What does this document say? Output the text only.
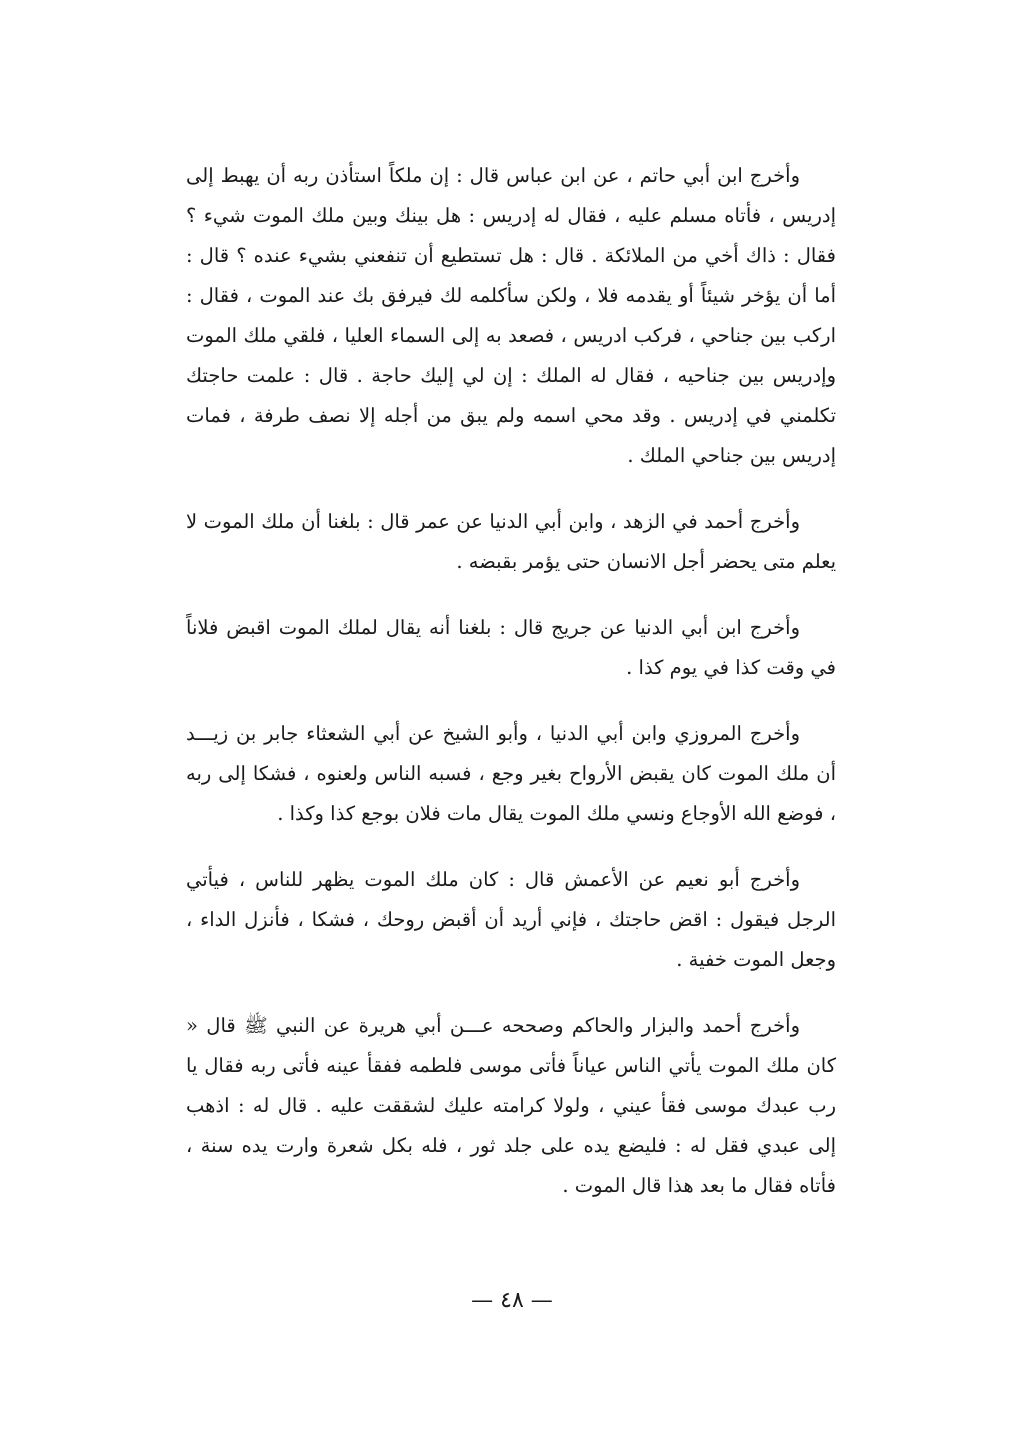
وأخرج ابن أبي حاتم ، عن ابن عباس قال : إن ملكاً استأذن ربه أن يهبط إلى إدريس ، فأتاه مسلم عليه ، فقال له إدريس : هل بينك وبين ملك الموت شيء ؟ فقال : ذاك أخي من الملائكة . قال : هل تستطيع أن تنفعني بشيء عنده ؟ قال : أما أن يؤخر شيئاً أو يقدمه فلا ، ولكن سأكلمه لك فيرفق بك عند الموت ، فقال : اركب بين جناحي ، فركب ادريس ، فصعد به إلى السماء العليا ، فلقي ملك الموت وإدريس بين جناحيه ، فقال له الملك : إن لي إليك حاجة . قال : علمت حاجتك تكلمني في إدريس . وقد محي اسمه ولم يبق من أجله إلا نصف طرفة ، فمات إدريس بين جناحي الملك .

وأخرج أحمد في الزهد ، وابن أبي الدنيا عن عمر قال : بلغنا أن ملك الموت لا يعلم متى يحضر أجل الانسان حتى يؤمر بقبضه .

وأخرج ابن أبي الدنيا عن جريج قال : بلغنا أنه يقال لملك الموت اقبض فلاناً في وقت كذا في يوم كذا .

وأخرج المروزي وابن أبي الدنيا ، وأبو الشيخ عن أبي الشعثاء جابر بن زيـــد أن ملك الموت كان يقبض الأرواح بغير وجع ، فسبه الناس ولعنوه ، فشكا إلى ربه ، فوضع الله الأوجاع ونسي ملك الموت يقال مات فلان بوجع كذا وكذا .

وأخرج أبو نعيم عن الأعمش قال : كان ملك الموت يظهر للناس ، فيأتي الرجل فيقول : اقض حاجتك ، فإني أريد أن أقبض روحك ، فشكا ، فأنزل الداء ، وجعل الموت خفية .

وأخرج أحمد والبزار والحاكم وصححه عـــن أبي هريرة عن النبي ﷺ قال « كان ملك الموت يأتي الناس عياناً فأتى موسى فلطمه ففقأ عينه فأتى ربه فقال يا رب عبدك موسى فقأ عيني ، ولولا كرامته عليك لشققت عليه . قال له : اذهب إلى عبدي فقل له : فليضع يده على جلد ثور ، فله بكل شعرة وارت يده سنة ، فأتاه فقال ما بعد هذا قال الموت .

— ٤٨ —
